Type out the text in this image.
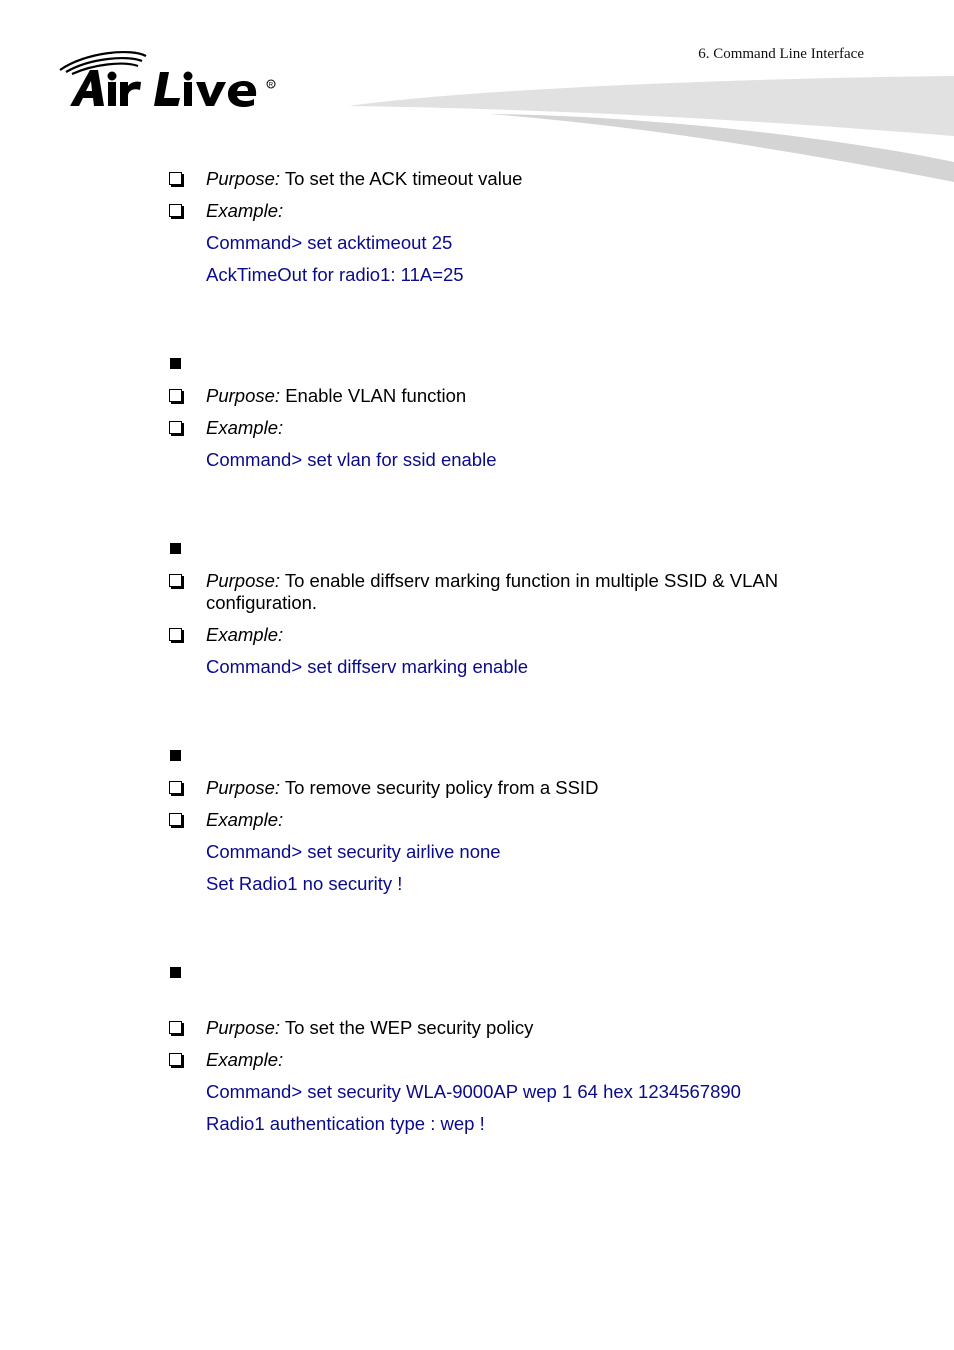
6. Command Line Interface
R
Purpose: To set the ACK timeout value
Example:
Command> set acktimeout 25
AckTimeOut for radio1: 11A=25
Purpose: Enable VLAN function
Example:
Command> set vlan for ssid enable
Purpose: To enable diffserv marking function in multiple SSID & VLAN configuration.
Example:
Command> set diffserv marking enable
Purpose: To remove security policy from a SSID
Example:
Command> set security airlive none
Set Radio1 no security !
Purpose: To set the WEP security policy
Example:
Command> set security WLA-9000AP wep 1 64 hex 1234567890
Radio1 authentication type : wep !
